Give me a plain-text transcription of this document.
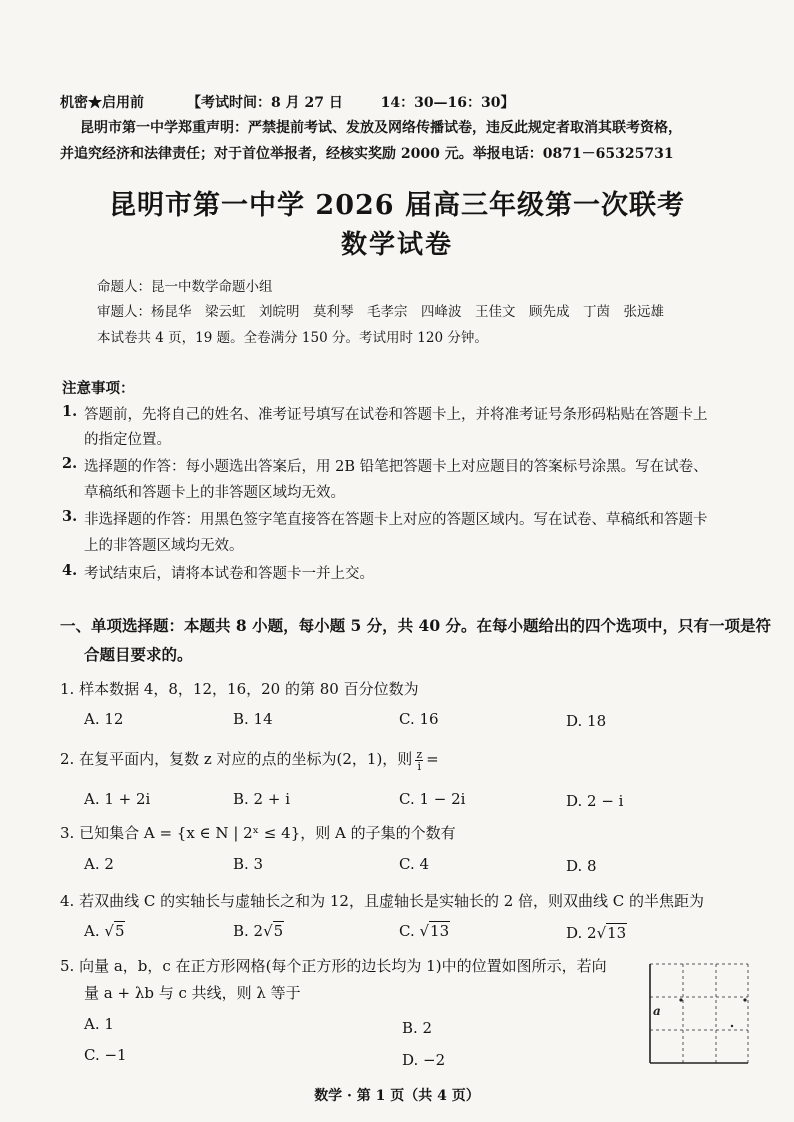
机密★启用前	【考试时间：8 月 27 日 　　 14：30—16：30】
昆明市第一中学郑重声明：严禁提前考试、发放及网络传播试卷，违反此规定者取消其联考资格，
并追究经济和法律责任；对于首位举报者，经核实奖励 2000 元。举报电话：0871－65325731
昆明市第一中学 2026 届高三年级第一次联考
数学试卷
命题人：昆一中数学命题小组
审题人：杨昆华　梁云虹　刘皖明　莫利琴　毛孝宗　四峰波　王佳文　顾先成　丁茵　张远雄
本试卷共 4 页，19 题。全卷满分 150 分。考试用时 120 分钟。
注意事项：
1. 答题前，先将自己的姓名、准考证号填写在试卷和答题卡上，并将准考证号条形码粘贴在答题卡上
的指定位置。
2. 选择题的作答：每小题选出答案后，用 2B 铅笔把答题卡上对应题目的答案标号涂黑。写在试卷、
草稿纸和答题卡上的非答题区域均无效。
3. 非选择题的作答：用黑色签字笔直接答在答题卡上对应的答题区域内。写在试卷、草稿纸和答题卡
上的非答题区域均无效。
4. 考试结束后，请将本试卷和答题卡一并上交。
一、单项选择题：本题共 8 小题，每小题 5 分，共 40 分。在每小题给出的四个选项中，只有一项是符
合题目要求的。
1. 样本数据 4，8，12，16，20 的第 80 百分位数为
A. 12	B. 14	C. 16	D. 18
2. 在复平面内，复数 z 对应的点的坐标为(2，1)，则 $\frac{z}{i}$ =
A. 1 + 2i	B. 2 + i	C. 1 − 2i	D. 2 − i
3. 已知集合 A = {x ∈ N | 2ˣ ≤ 4}，则 A 的子集的个数有
A. 2	B. 3	C. 4	D. 8
4. 若双曲线 C 的实轴长与虚轴长之和为 12，且虚轴长是实轴长的 2 倍，则双曲线 C 的半焦距为
A. √5	B. 2√5	C. √13	D. 2√13
5. 向量 a，b，c 在正方形网格(每个正方形的边长均为 1)中的位置如图所示，若向
量 a + λb 与 c 共线，则 λ 等于
A. 1	B. 2
C. −1	D. −2
a
数学 · 第 1 页（共 4 页）
